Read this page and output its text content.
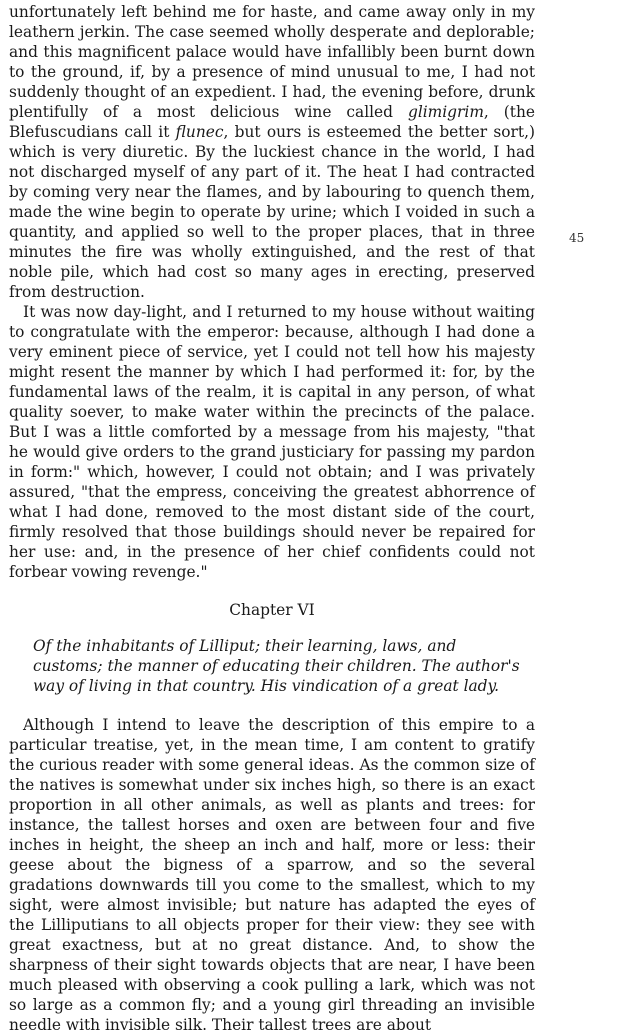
unfortunately left behind me for haste, and came away only in my leathern jerkin. The case seemed wholly desperate and deplorable; and this magnificent palace would have infallibly been burnt down to the ground, if, by a presence of mind unusual to me, I had not suddenly thought of an expedient. I had, the evening before, drunk plentifully of a most delicious wine called glimigrim, (the Blefuscudians call it flunec, but ours is esteemed the better sort,) which is very diuretic. By the luckiest chance in the world, I had not discharged myself of any part of it. The heat I had contracted by coming very near the flames, and by labouring to quench them, made the wine begin to operate by urine; which I voided in such a quantity, and applied so well to the proper places, that in three minutes the fire was wholly extinguished, and the rest of that noble pile, which had cost so many ages in erecting, preserved from destruction.

It was now day-light, and I returned to my house without waiting to congratulate with the emperor: because, although I had done a very eminent piece of service, yet I could not tell how his majesty might resent the manner by which I had performed it: for, by the fundamental laws of the realm, it is capital in any person, of what quality soever, to make water within the precincts of the palace. But I was a little comforted by a message from his majesty, "that he would give orders to the grand justiciary for passing my pardon in form:" which, however, I could not obtain; and I was privately assured, "that the empress, conceiving the greatest abhorrence of what I had done, removed to the most distant side of the court, firmly resolved that those buildings should never be repaired for her use: and, in the presence of her chief confidents could not forbear vowing revenge."

Chapter VI
Of the inhabitants of Lilliput; their learning, laws, and customs; the manner of educating their children. The author's way of living in that country. His vindication of a great lady.

Although I intend to leave the description of this empire to a particular treatise, yet, in the mean time, I am content to gratify the curious reader with some general ideas. As the common size of the natives is somewhat under six inches high, so there is an exact proportion in all other animals, as well as plants and trees: for instance, the tallest horses and oxen are between four and five inches in height, the sheep an inch and half, more or less: their geese about the bigness of a sparrow, and so the several gradations downwards till you come to the smallest, which to my sight, were almost invisible; but nature has adapted the eyes of the Lilliputians to all objects proper for their view: they see with great exactness, but at no great distance. And, to show the sharpness of their sight towards objects that are near, I have been much pleased with observing a cook pulling a lark, which was not so large as a common fly; and a young girl threading an invisible needle with invisible silk. Their tallest trees are about

45
